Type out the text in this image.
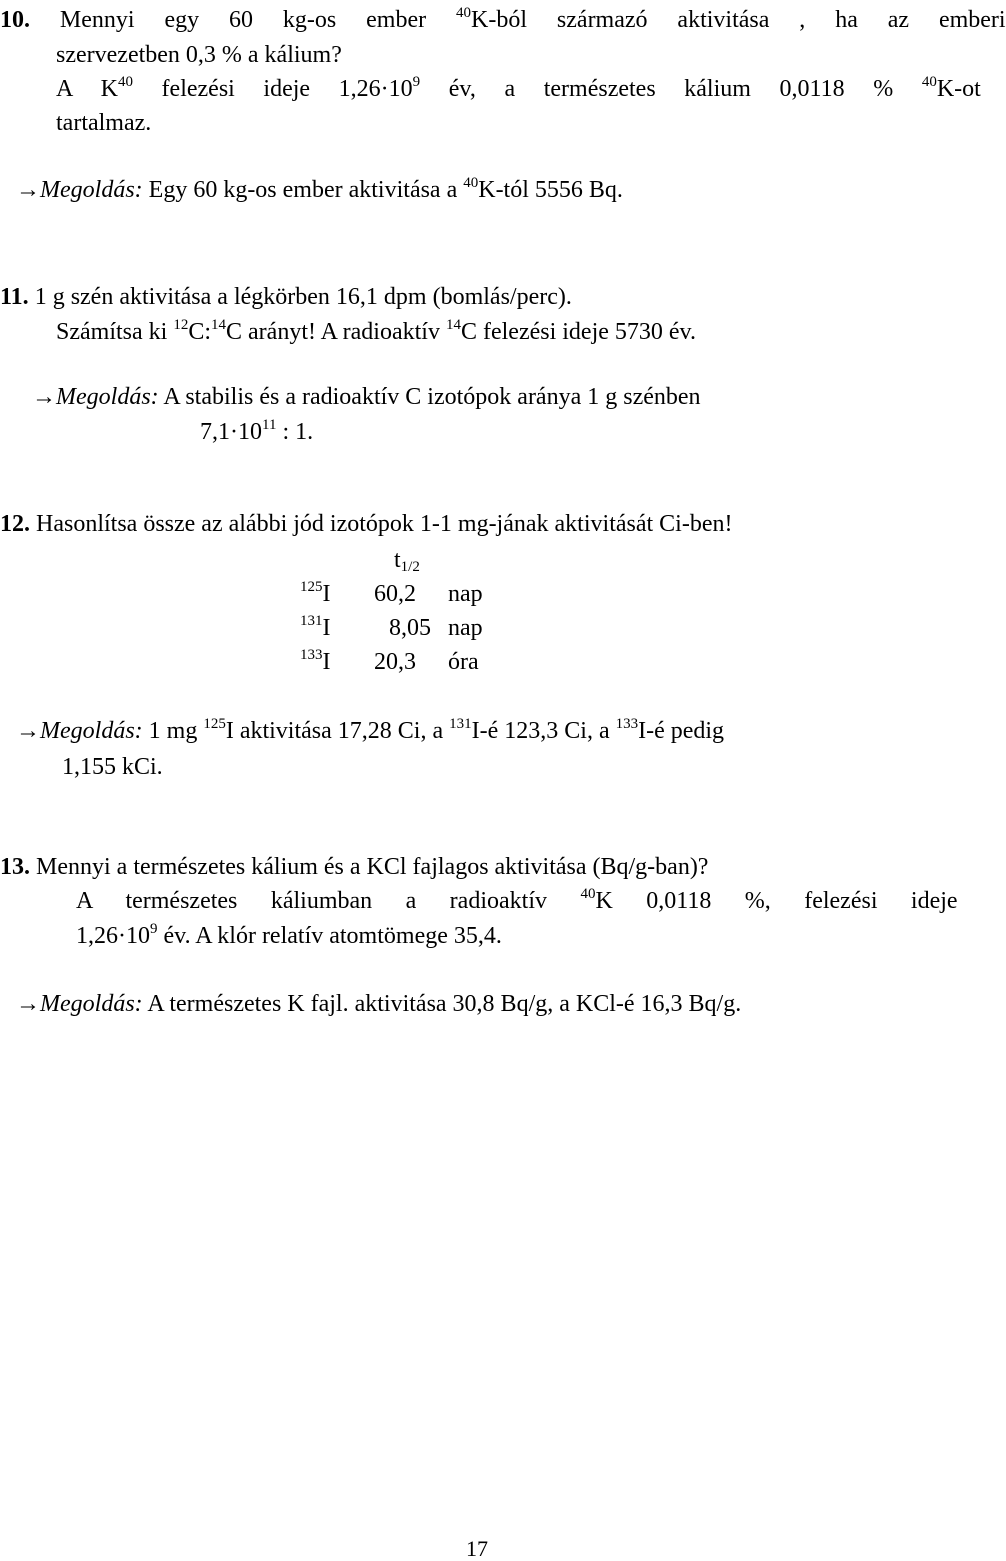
10. Mennyi egy 60 kg-os ember $^{40}$K-ból származó aktivitása , ha az emberi
szervezetben 0,3 % a kálium?
A $K^{40}$ felezési ideje $1,26\cdot 10^9$ év, a természetes kálium 0,0118 % $^{40}$K-ot
tartalmaz.
→Megoldás: Egy 60 kg-os ember aktivitása a $^{40}$K-tól 5556 Bq.
11. 1 g szén aktivitása a légkörben 16,1 dpm (bomlás/perc).
Számítsa ki $^{12}$C:$^{14}$C arányt! A radioaktív $^{14}$C felezési ideje 5730 év.
→Megoldás: A stabilis és a radioaktív C izotópok aránya 1 g szénben
$7,1\cdot 10^{11}$ : 1.
12. Hasonlítsa össze az alábbi jód izotópok 1-1 mg-jának aktivitását Ci-ben!
$t_{1/2}$
$^{125}$I 60,2 nap
$^{131}$I 8,05 nap
$^{133}$I 20,3 óra
→Megoldás: 1 mg $^{125}$I aktivitása 17,28 Ci, a $^{131}$I-é 123,3 Ci, a $^{133}$I-é pedig
1,155 kCi.
13. Mennyi a természetes kálium és a KCl fajlagos aktivitása (Bq/g-ban)?
A természetes káliumban a radioaktív $^{40}$K 0,0118 %, felezési ideje
$1,26\cdot 10^9$ év. A klór relatív atomtömege 35,4.
→Megoldás: A természetes K fajl. aktivitása 30,8 Bq/g, a KCl-é 16,3 Bq/g.
17
